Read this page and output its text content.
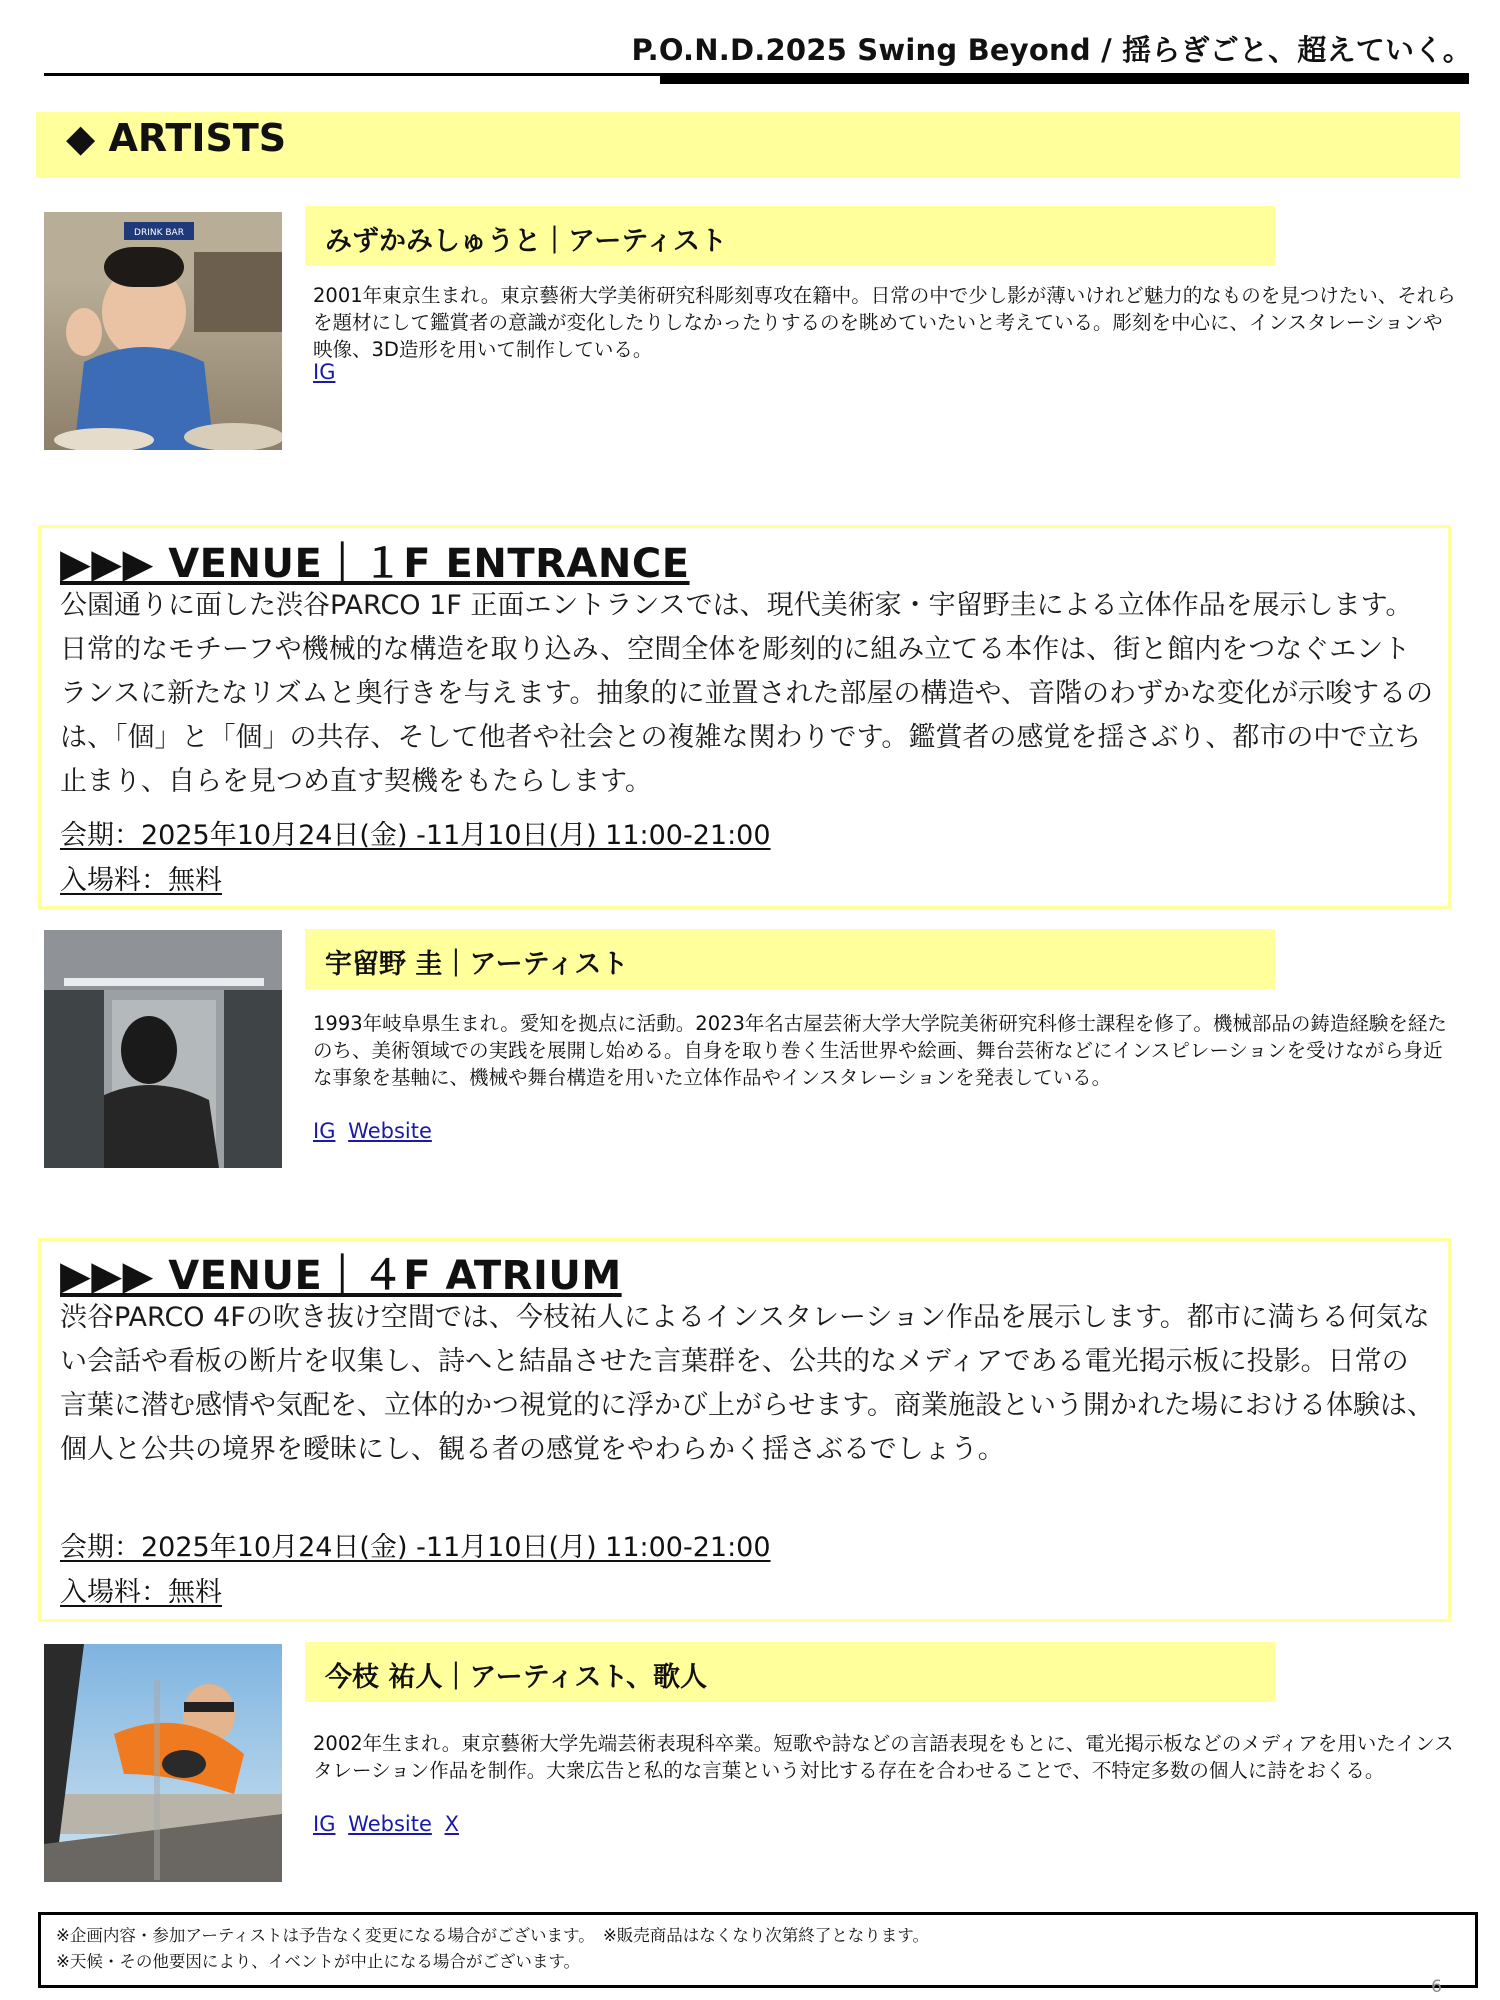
P.O.N.D.2025 Swing Beyond / 揺らぎごと、超えていく。
◆ ARTISTS
DRINK BAR	みずかみしゅうと｜アーティスト
2001年東京生まれ。東京藝術大学美術研究科彫刻専攻在籍中。日常の中で少し影が薄いけれど魅力的なものを見つけたい、それらを題材にして鑑賞者の意識が変化したりしなかったりするのを眺めていたいと考えている。彫刻を中心に、インスタレーションや映像、3D造形を用いて制作している。
IG
▶▶▶ VENUE｜１F ENTRANCE
公園通りに面した渋谷PARCO 1F 正面エントランスでは、現代美術家・宇留野圭による立体作品を展示します。日常的なモチーフや機械的な構造を取り込み、空間全体を彫刻的に組み立てる本作は、街と館内をつなぐエントランスに新たなリズムと奥行きを与えます。抽象的に並置された部屋の構造や、音階のわずかな変化が示唆するのは、「個」と「個」の共存、そして他者や社会との複雑な関わりです。鑑賞者の感覚を揺さぶり、都市の中で立ち止まり、自らを見つめ直す契機をもたらします。
会期：2025年10月24日(金) -11月10日(月) 11:00-21:00
入場料：無料
宇留野 圭｜アーティスト
1993年岐阜県生まれ。愛知を拠点に活動。2023年名古屋芸術大学大学院美術研究科修士課程を修了。機械部品の鋳造経験を経たのち、美術領域での実践を展開し始める。自身を取り巻く生活世界や絵画、舞台芸術などにインスピレーションを受けながら身近な事象を基軸に、機械や舞台構造を用いた立体作品やインスタレーションを発表している。
IG Website
▶▶▶ VENUE｜４F ATRIUM
渋谷PARCO 4Fの吹き抜け空間では、今枝祐人によるインスタレーション作品を展示します。都市に満ちる何気ない会話や看板の断片を収集し、詩へと結晶させた言葉群を、公共的なメディアである電光掲示板に投影。日常の言葉に潜む感情や気配を、立体的かつ視覚的に浮かび上がらせます。商業施設という開かれた場における体験は、個人と公共の境界を曖昧にし、観る者の感覚をやわらかく揺さぶるでしょう。
会期：2025年10月24日(金) -11月10日(月) 11:00-21:00
入場料：無料
今枝 祐人｜アーティスト、歌人
2002年生まれ。東京藝術大学先端芸術表現科卒業。短歌や詩などの言語表現をもとに、電光掲示板などのメディアを用いたインスタレーション作品を制作。大衆広告と私的な言葉という対比する存在を合わせることで、不特定多数の個人に詩をおくる。
IG Website X
※企画内容・参加アーティストは予告なく変更になる場合がございます。　※販売商品はなくなり次第終了となります。
※天候・その他要因により、イベントが中止になる場合がございます。
6
